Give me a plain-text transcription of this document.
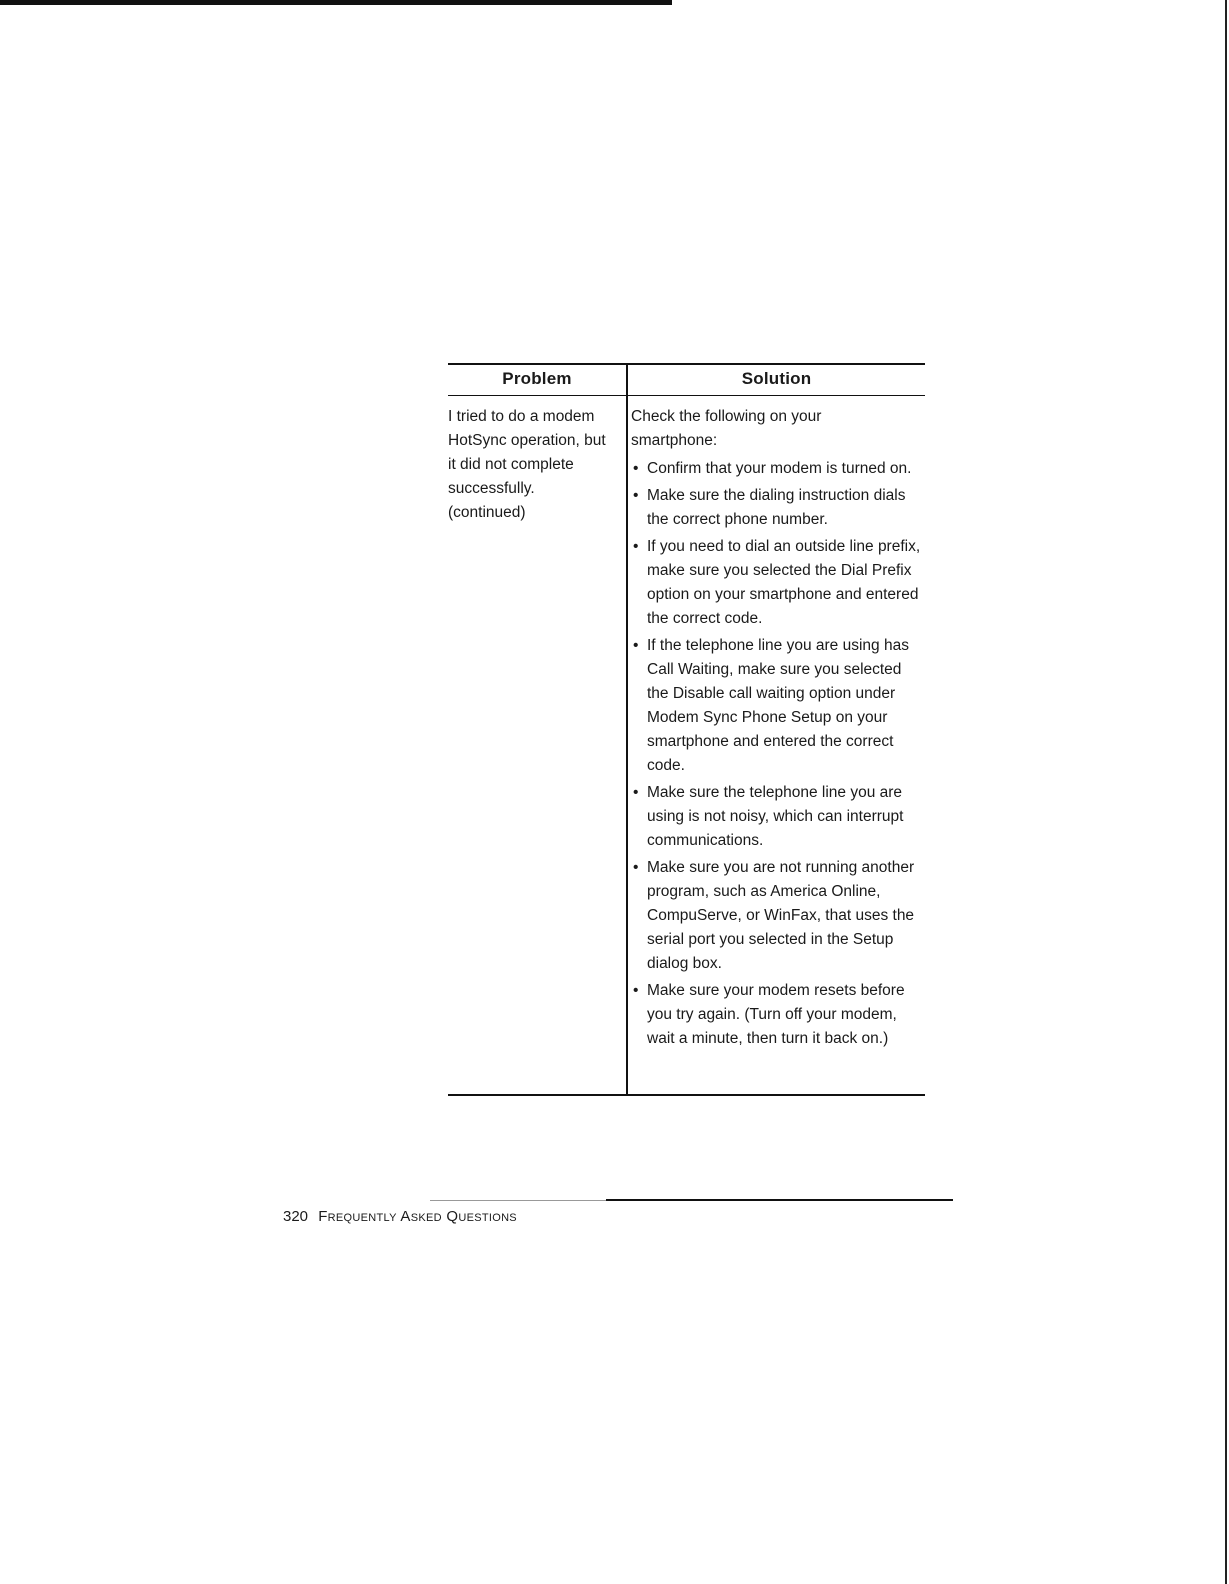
Problem	Solution
I tried to do a modem
HotSync operation, but
it did not complete
successfully.
(continued)
Check the following on your
smartphone:
• Confirm that your modem is turned on.
• Make sure the dialing instruction dials the correct phone number.
• If you need to dial an outside line prefix, make sure you selected the Dial Prefix option on your smartphone and entered the correct code.
• If the telephone line you are using has Call Waiting, make sure you selected the Disable call waiting option under Modem Sync Phone Setup on your smartphone and entered the correct code.
• Make sure the telephone line you are using is not noisy, which can interrupt communications.
• Make sure you are not running another program, such as America Online, CompuServe, or WinFax, that uses the serial port you selected in the Setup dialog box.
• Make sure your modem resets before you try again. (Turn off your modem, wait a minute, then turn it back on.)
320 Frequently Asked Questions
